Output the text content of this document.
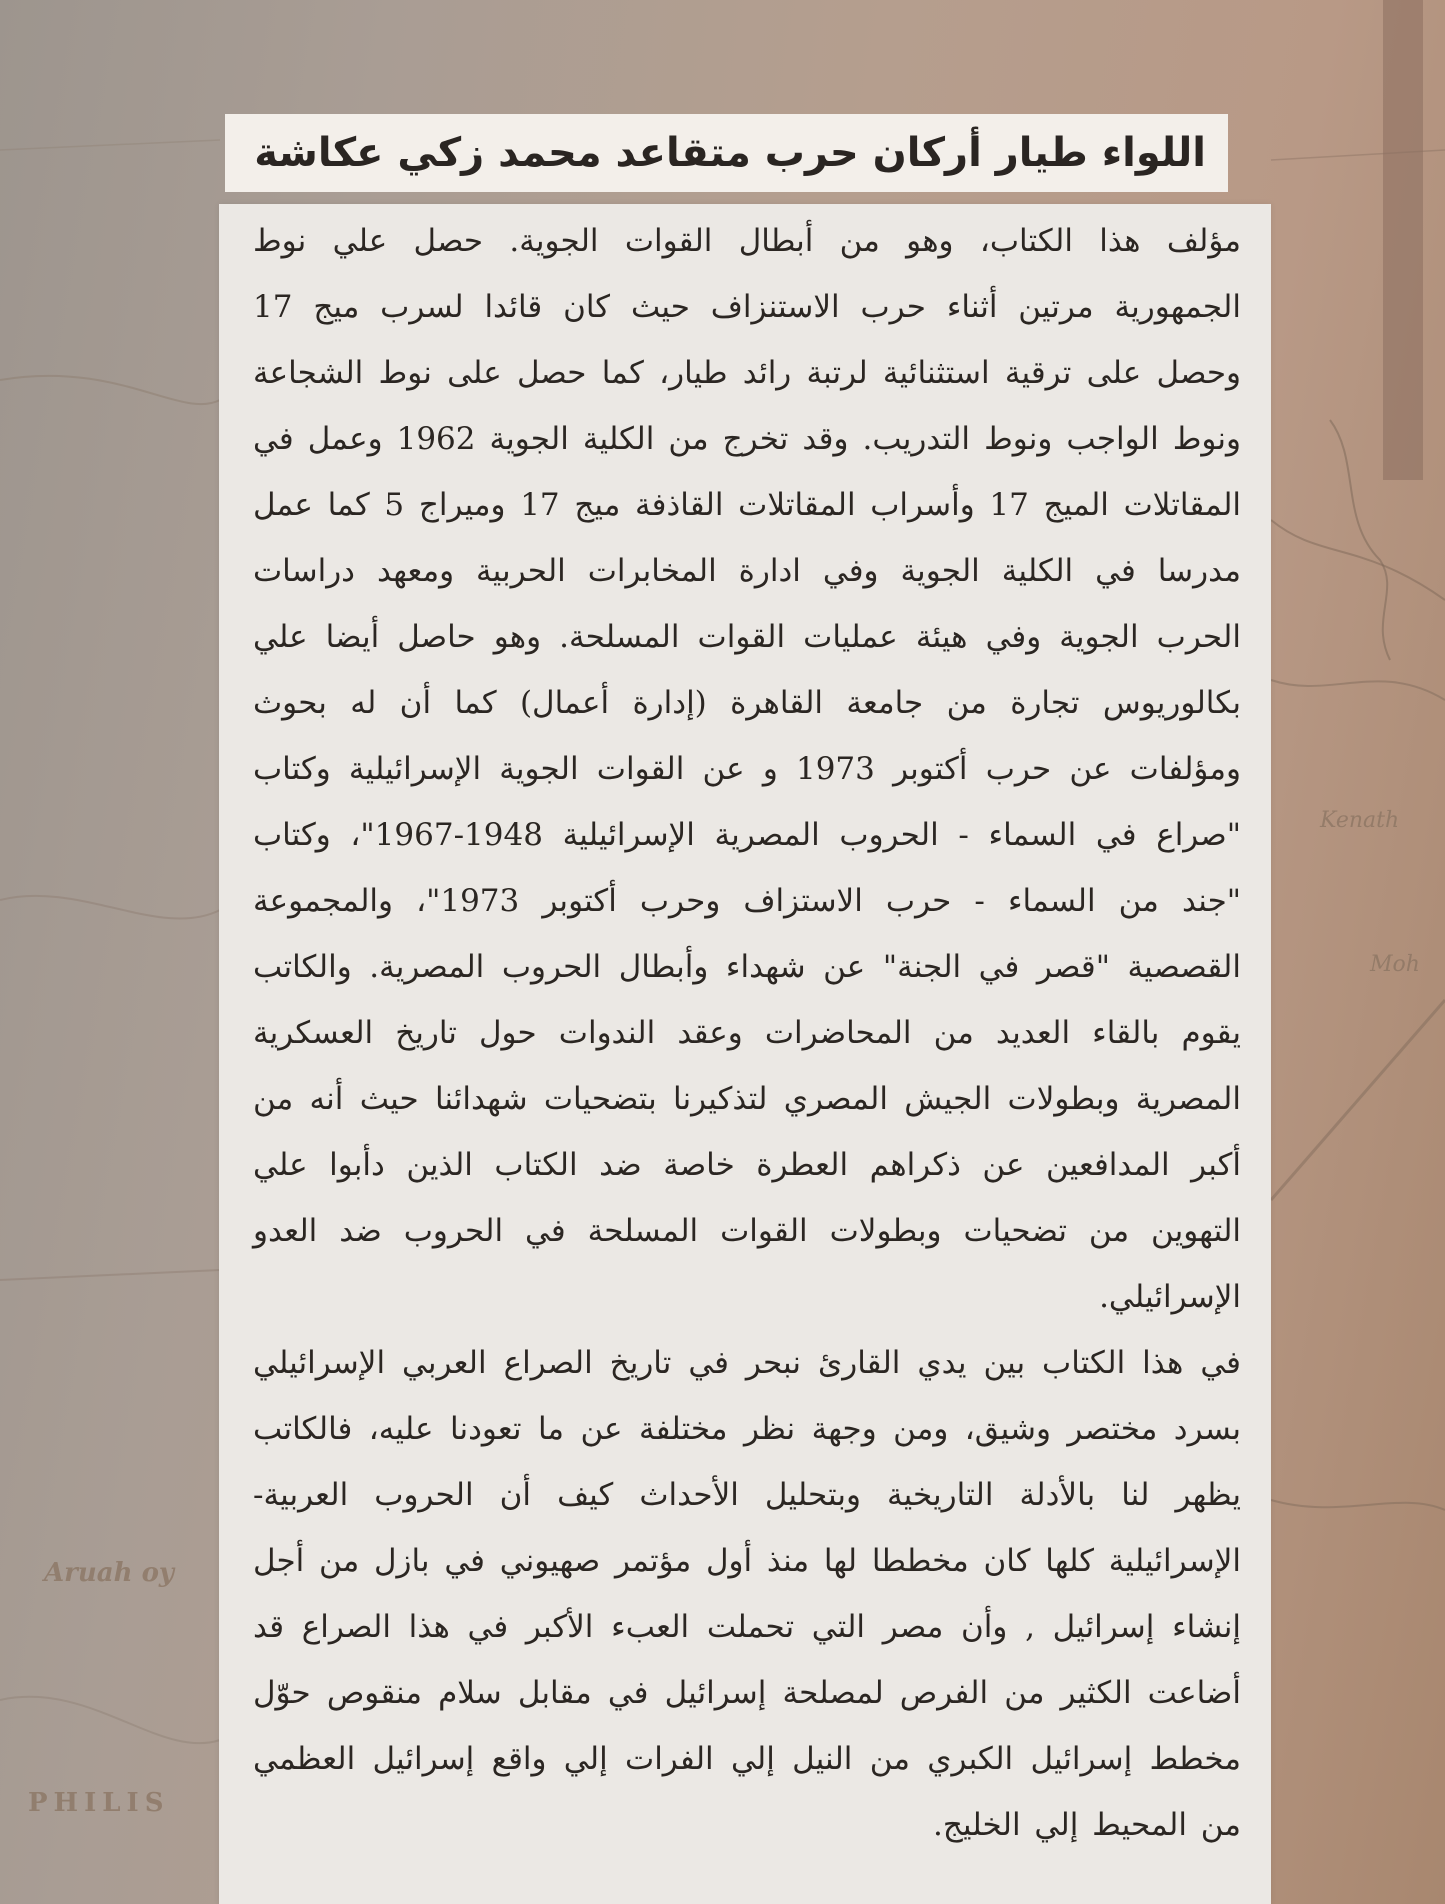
Kenath
Aruah oy
PHILIS
Moh
اللواء طيار أركان حرب متقاعد محمد زكي عكاشة

مؤلف هذا الكتاب، وهو من أبطال القوات الجوية. حصل علي نوط الجمهورية مرتين أثناء حرب الاستنزاف حيث كان قائدا لسرب ميج 17 وحصل على ترقية استثنائية لرتبة رائد طيار، كما حصل على نوط الشجاعة ونوط الواجب ونوط التدريب. وقد تخرج من الكلية الجوية 1962 وعمل في المقاتلات الميج 17 وأسراب المقاتلات القاذفة ميج 17 وميراج 5 كما عمل مدرسا في الكلية الجوية وفي ادارة المخابرات الحربية ومعهد دراسات الحرب الجوية وفي هيئة عمليات القوات المسلحة. وهو حاصل أيضا علي بكالوريوس تجارة من جامعة القاهرة (إدارة أعمال) كما أن له بحوث ومؤلفات عن حرب أكتوبر 1973 و عن القوات الجوية الإسرائيلية وكتاب "صراع في السماء - الحروب المصرية الإسرائيلية 1948-1967"، وكتاب "جند من السماء - حرب الاستزاف وحرب أكتوبر 1973"، والمجموعة القصصية "قصر في الجنة" عن شهداء وأبطال الحروب المصرية. والكاتب يقوم بالقاء العديد من المحاضرات وعقد الندوات حول تاريخ العسكرية المصرية وبطولات الجيش المصري لتذكيرنا بتضحيات شهدائنا حيث أنه من أكبر المدافعين عن ذكراهم العطرة خاصة ضد الكتاب الذين دأبوا علي التهوين من تضحيات وبطولات القوات المسلحة في الحروب ضد العدو الإسرائيلي.

في هذا الكتاب بين يدي القارئ نبحر في تاريخ الصراع العربي الإسرائيلي بسرد مختصر وشيق، ومن وجهة نظر مختلفة عن ما تعودنا عليه، فالكاتب يظهر لنا بالأدلة التاريخية وبتحليل الأحداث كيف أن الحروب العربية-الإسرائيلية كلها كان مخططا لها منذ أول مؤتمر صهيوني في بازل من أجل إنشاء إسرائيل , وأن مصر التي تحملت العبء الأكبر في هذا الصراع قد أضاعت الكثير من الفرص لمصلحة إسرائيل في مقابل سلام منقوص حوّل مخطط إسرائيل الكبري من النيل إلي الفرات إلي واقع إسرائيل العظمي من المحيط إلي الخليج.
